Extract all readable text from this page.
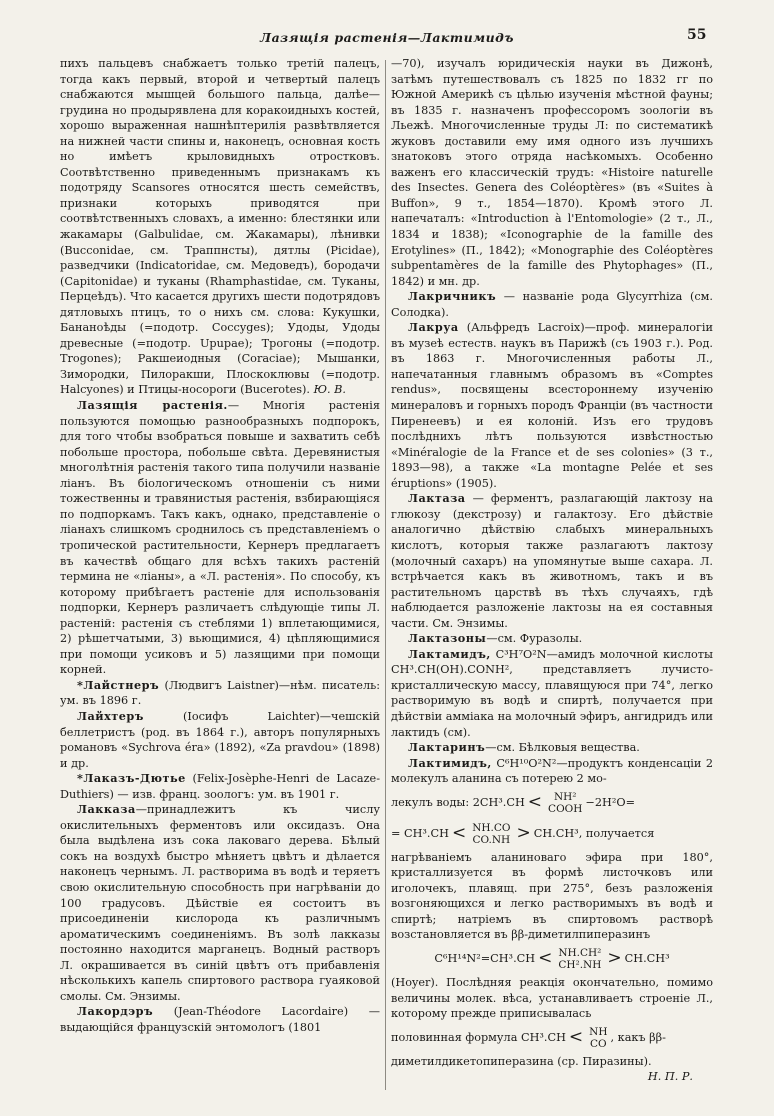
Лазящія растенія—Лактимидъ	55

пихъ пальцевъ снабжаетъ только третій палецъ, тогда какъ первый, второй и четвертый палецъ снабжаются мышцей большого пальца, далѣе—грудина но продырявлена для коракоидныхъ костей, хорошо выраженная нашнѣптерилія развѣтвляется на нижней части спины и, наконецъ, основная кость но имѣетъ крыловидныхъ отростковъ. Соотвѣтственно приведеннымъ признакамъ къ подотряду Scansores относятся шесть семействъ, признаки которыхъ приводятся при соотвѣтственныхъ словахъ, а именно: блестянки или жакамары (Galbulidae, см. Жакамары), лѣнивки (Bucconidae, см. Траппнсты), дятлы (Picidae), разведчики (Indicatoridae, см. Медоведъ), бородачи (Capitonidae) и туканы (Rhamphastidae, см. Туканы, Перцеѣдъ). Что касается другихъ шести подотрядовъ дятловыхъ птицъ, то о нихъ см. слова: Кукушки, Бананоѣды (=подотр. Coccyges); Удоды, Удоды древесные (=подотр. Upupae); Трогоны (=подотр. Trogones); Ракшеиодныя (Coraciae); Мышанки, Зимородки, Пилоракши, Плоскоклювы (=подотр. Halcyones) и Птицы-носороги (Bucerotes). Ю. В.

Лазящія растенія.— Многія растенія пользуются помощью разнообразныхъ подпорокъ, для того чтобы взобраться повыше и захватить себѣ побольше простора, побольше свѣта. Деревянистыя многолѣтнія растенія такого типа получили названіе ліанъ. Въ біологическомъ отношеніи съ ними тожественны и травянистыя растенія, взбирающіяся по подпоркамъ. Такъ какъ, однако, представленіе о ліанахъ слишкомъ сроднилось съ представленіемъ о тропической растительности, Кернеръ предлагаетъ въ качествѣ общаго для всѣхъ такихъ растеній термина не «ліаны», а «Л. растенія». По способу, къ которому прибѣгаетъ растеніе для использованія подпорки, Кернеръ различаетъ слѣдующіе типы Л. растеній: растенія съ стеблями 1) вплетающимися, 2) рѣшетчатыми, 3) вьющимися, 4) цѣпляющимися при помощи усиковъ и 5) лазящими при помощи корней.

*Лайстнеръ (Людвигъ Laistner)—нѣм. писатель: ум. въ 1896 г.

Лайхтеръ (Іосифъ Laichter)—чешскій беллетристъ (род. въ 1864 г.), авторъ популярныхъ романовъ «Sychrova éra» (1892), «Za pravdou» (1898) и др.

*Лаказъ-Дютье (Felix-Josèphe-Henri de Lacaze-Duthiers) — изв. франц. зоологъ: ум. въ 1901 г.

Лакказа—принадлежитъ къ числу окислительныхъ ферментовъ или оксидазъ. Она была выдѣлена изъ сока лаковаго дерева. Бѣлый сокъ на воздухѣ быстро мѣняетъ цвѣтъ и дѣлается наконецъ чернымъ. Л. растворима въ водѣ и теряетъ свою окислительную способность при нагрѣваніи до 100 градусовъ. Дѣйствіе ея состоитъ въ присоединеніи кислорода къ различнымъ ароматическимъ соединеніямъ. Въ золѣ лакказы постоянно находится марганецъ. Водный растворъ Л. окрашивается въ синій цвѣтъ отъ прибавленія нѣсколькихъ капель спиртового раствора гуаяковой смолы. См. Энзимы.

Лакордэръ (Jean-Théodore Lacordaire) —выдающійся французскій энтомологъ (1801

—70), изучалъ юридическія науки въ Дижонѣ, затѣмъ путешествовалъ съ 1825 по 1832 гг по Южной Америкѣ съ цѣлью изученія мѣстной фауны; въ 1835 г. назначенъ профессоромъ зоологіи въ Льежѣ. Многочисленные труды Л: по систематикѣ жуковъ доставили ему имя одного изъ лучшихъ знатоковъ этого отряда насѣкомыхъ. Особенно важенъ его классическій трудъ: «Histoire naturelle des Insectes. Genera des Coléoptères» (въ «Suites à Buffon», 9 т., 1854—1870). Кромѣ этого Л. напечаталъ: «Introduction à l'Entomologie» (2 т., Л., 1834 и 1838); «Iconographie de la famille des Erotylines» (П., 1842); «Monographie des Coléoptères subpentamères de la famille des Phytophages» (П., 1842) и мн. др.

Лакричникъ — названіе рода Glycyrrhiza (см. Солодка).

Лакруа (Альфредъ Lacroix)—проф. минералогіи въ музеѣ естеств. наукъ въ Парижѣ (съ 1903 г.). Род. въ 1863 г. Многочисленныя работы Л., напечатанныя главнымъ образомъ въ «Comptes rendus», посвящены всестороннему изученію минераловъ и горныхъ породъ Франціи (въ частности Пиренеевъ) и ея колоній. Изъ его трудовъ послѣднихъ лѣтъ пользуются извѣстностью «Minéralogie de la France et de ses colonies» (3 т., 1893—98), а также «La montagne Pelée et ses éruptions» (1905).

Лактаза — ферментъ, разлагающій лактозу на глюкозу (декстрозу) и галактозу. Его дѣйствіе аналогично дѣйствію слабыхъ минеральныхъ кислотъ, которыя также разлагаютъ лактозу (молочный сахаръ) на упомянутые выше сахара. Л. встрѣчается какъ въ животномъ, такъ и въ растительномъ царствѣ въ тѣхъ случаяхъ, гдѣ наблюдается разложеніе лактозы на ея составныя части. См. Энзимы.

Лактазоны—см. Фуразолы.

Лактамидъ, C³H⁷O²N—амидъ молочной кислоты CH³.CH(OH).CONH², представляетъ лучисто-кристаллическую массу, плавящуюся при 74°, легко растворимую въ водѣ и спиртѣ, получается при дѣйствіи аммiака на молочный эфиръ, ангидридъ или лактидъ (см).

Лактаринъ—см. Бѣлковыя вещества.

Лактимидъ, C⁶H¹⁰O²N²—продуктъ конденсаціи 2 молекулъ аланина съ потерею 2 мо-

лекулъ воды: 2CH³.CH < NH²
COOH −2H²O=
= CH³.CH < NH.CO
CO.NH > CH.CH³, получается

нагрѣваніемъ аланиноваго эфира при 180°, кристаллизуется въ формѣ листочковъ или иголочекъ, плавящ. при 275°, безъ разложенія возгоняющихся и легко растворимыхъ въ водѣ и спиртѣ; натріемъ въ спиртовомъ растворѣ возстановляется въ ββ-диметилпиперазинъ

C⁶H¹⁴N²=CH³.CH < NH.CH²
CH².NH > CH.CH³

(Hoyer). Послѣдняя реакція окончательно, помимо величины молек. вѣса, устанавливаетъ строеніе Л., которому прежде приписывалась

половинная формула CH³.CH < NH
CO , какъ ββ-

диметилдикетопиперазина (ср. Пиразины).

Н. П. Р.
